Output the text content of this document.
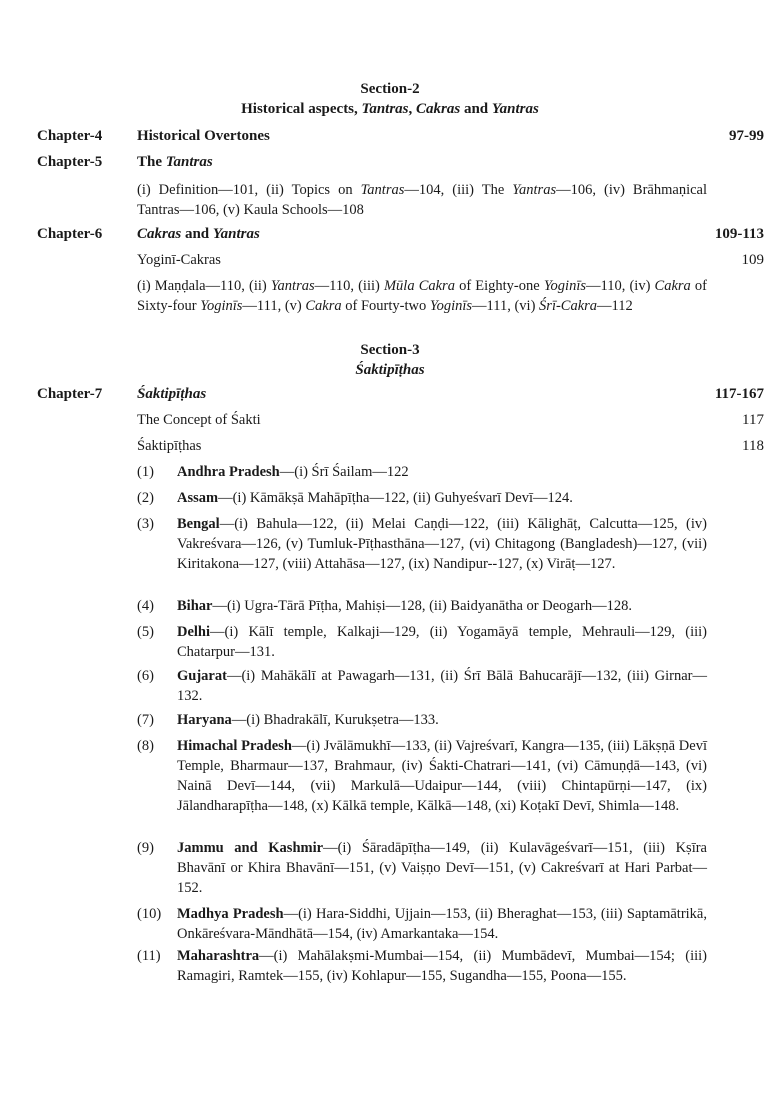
Section-2
Historical aspects, Tantras, Cakras and Yantras
Chapter-4 Historical Overtones	97-99
Chapter-5 The Tantras
(i) Definition—101, (ii) Topics on Tantras—104, (iii) The Yantras—106, (iv) Brāhmaṇical Tantras—106, (v) Kaula Schools—108
Chapter-6 Cakras and Yantras	109-113
Yoginī-Cakras	109
(i) Maṇḍala—110, (ii) Yantras—110, (iii) Mūla Cakra of Eighty-one Yoginīs—110, (iv) Cakra of Sixty-four Yoginīs—111, (v) Cakra of Fourty-two Yoginīs—111, (vi) Śrī-Cakra—112
Section-3
Śaktipīṭhas
Chapter-7 Śaktipīṭhas	117-167
The Concept of Śakti	117
Śaktipīṭhas	118
(1) Andhra Pradesh—(i) Śrī Śailam—122
(2) Assam—(i) Kāmākṣā Mahāpīṭha—122, (ii) Guhyeśvarī Devī—124.
(3) Bengal—(i) Bahula—122, (ii) Melai Caṇḍi—122, (iii) Kālighāṭ, Calcutta—125, (iv) Vakreśvara—126, (v) Tumluk-Pīṭhasthāna—127, (vi) Chitagong (Bangladesh)—127, (vii) Kiritakona—127, (viii) Attahāsa—127, (ix) Nandipur--127, (x) Virāṭ—127.
(4) Bihar—(i) Ugra-Tārā Pīṭha, Mahiṣi—128, (ii) Baidyanātha or Deogarh—128.
(5) Delhi—(i) Kālī temple, Kalkaji—129, (ii) Yogamāyā temple, Mehrauli—129, (iii) Chatarpur—131.
(6) Gujarat—(i) Mahākālī at Pawagarh—131, (ii) Śrī Bālā Bahucarājī—132, (iii) Girnar—132.
(7) Haryana—(i) Bhadrakālī, Kurukṣetra—133.
(8) Himachal Pradesh—(i) Jvālāmukhī—133, (ii) Vajreśvarī, Kangra—135, (iii) Lākṣṇā Devī Temple, Bharmaur—137, Brahmaur, (iv) Śakti-Chatrari—141, (vi) Cāmuṇḍā—143, (vi) Nainā Devī—144, (vii) Markulā—Udaipur—144, (viii) Chintapūrṇi—147, (ix) Jālandharapīṭha—148, (x) Kālkā temple, Kālkā—148, (xi) Koṭakī Devī, Shimla—148.
(9) Jammu and Kashmir—(i) Śāradāpīṭha—149, (ii) Kulavāgeśvarī—151, (iii) Kṣīra Bhavānī or Khira Bhavānī—151, (v) Vaiṣṇo Devī—151, (v) Cakreśvarī at Hari Parbat—152.
(10) Madhya Pradesh—(i) Hara-Siddhi, Ujjain—153, (ii) Bheraghat—153, (iii) Saptamātrikā, Onkāreśvara-Māndhātā—154, (iv) Amarkantaka—154.
(11) Maharashtra—(i) Mahālakṣmi-Mumbai—154, (ii) Mumbādevī, Mumbai—154; (iii) Ramagiri, Ramtek—155, (iv) Kohlapur—155, Sugandha—155, Poona—155.
